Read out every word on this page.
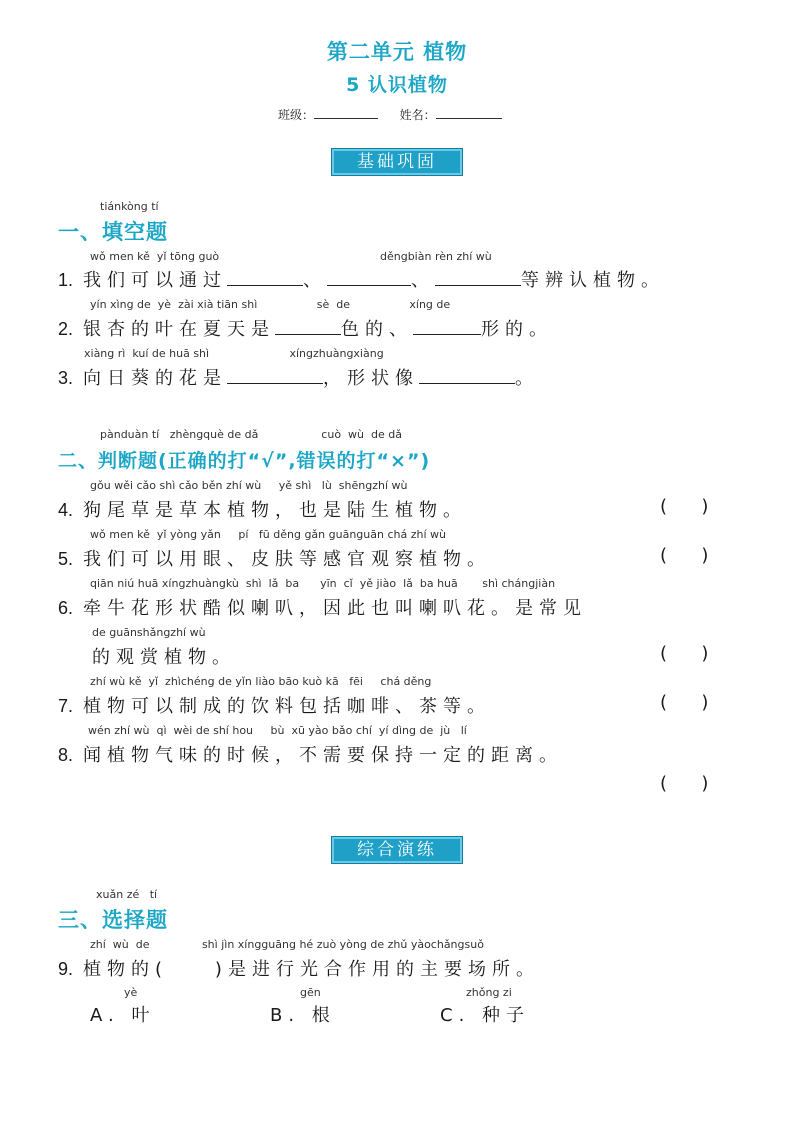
第二单元 植物
5 认识植物
班级：	姓名：
基础巩固
tiánkòng tí
一、填空题
wǒ men kě  yǐ tōng guò                                              děngbiàn rèn zhí wù
1. 我们可以通过	、	、	等辨认植物。
yín xìng de  yè  zài xià tiān shì                 sè  de                 xíng de
2. 银杏的叶在夏天是	色的、	形的。
xiàng rì  kuí de huā shì                       xíngzhuàngxiàng
3. 向日葵的花是	，形状像	。
pànduàn tí   zhèngquè de dǎ                  cuò  wù  de dǎ
二、判断题(正确的打“√”,错误的打“×”)
gǒu wěi cǎo shì cǎo běn zhí wù     yě shì   lù  shēngzhí wù
4. 狗尾草是草本植物，也是陆生植物。	(      )
wǒ men kě  yǐ yòng yǎn     pí   fū děng gǎn guānguān chá zhí wù
5. 我们可以用眼、皮肤等感官观察植物。	(      )
qiān niú huā xíngzhuàngkù  shì  lǎ  ba      yīn  cǐ  yě jiào  lǎ  ba huā       shì chángjiàn
6. 牵牛花形状酷似喇叭，因此也叫喇叭花。是常见
de guānshǎngzhí wù
的观赏植物。	(      )
zhí wù kě  yǐ  zhìchéng de yǐn liào bāo kuò kā   fēi     chá děng
7. 植物可以制成的饮料包括咖啡、茶等。	(      )
wén zhí wù  qì  wèi de shí hou     bù  xū yào bǎo chí  yí dìng de  jù   lí
8. 闻植物气味的时候，不需要保持一定的距离。
(      )
综合演练
xuǎn zé   tí
三、选择题
zhí  wù  de               shì jìn xíngguāng hé zuò yòng de zhǔ yàochǎngsuǒ
9. 植物的(    )是进行光合作用的主要场所。
yè
A. 叶
gēn
B. 根
zhǒng zi
C. 种子
